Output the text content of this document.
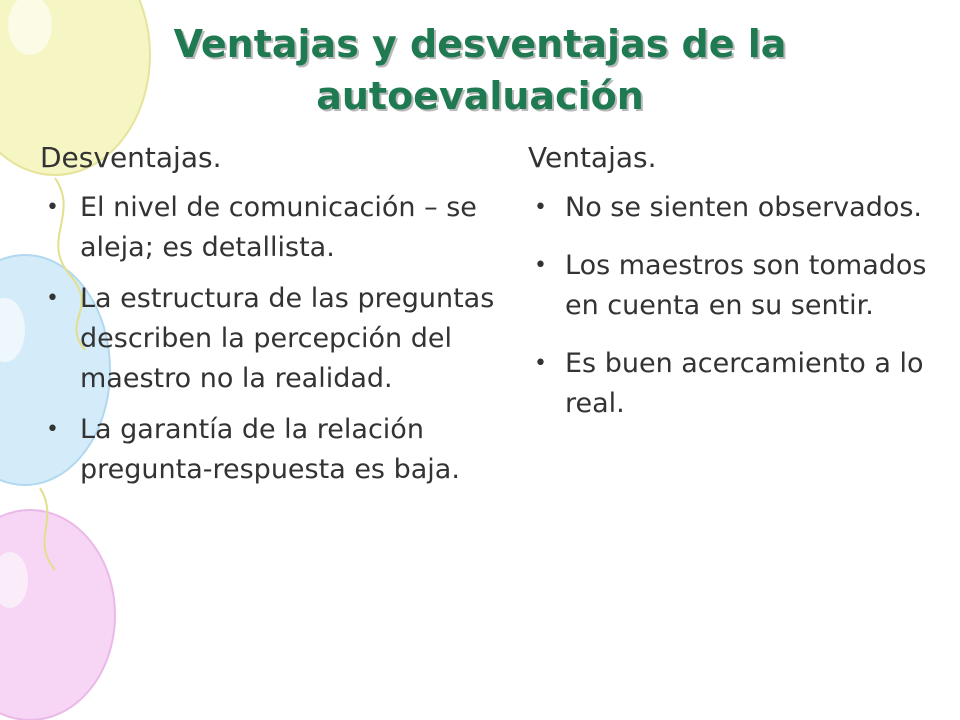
Ventajas y desventajas de la
autoevaluación
Desventajas.
• El nivel de comunicación – se aleja; es detallista.
• La estructura de las preguntas describen la percepción del maestro no la realidad.
• La garantía de la relación pregunta-respuesta es baja.
Ventajas.
• No se sienten observados.
• Los maestros son tomados en cuenta en su sentir.
• Es buen acercamiento a lo real.
